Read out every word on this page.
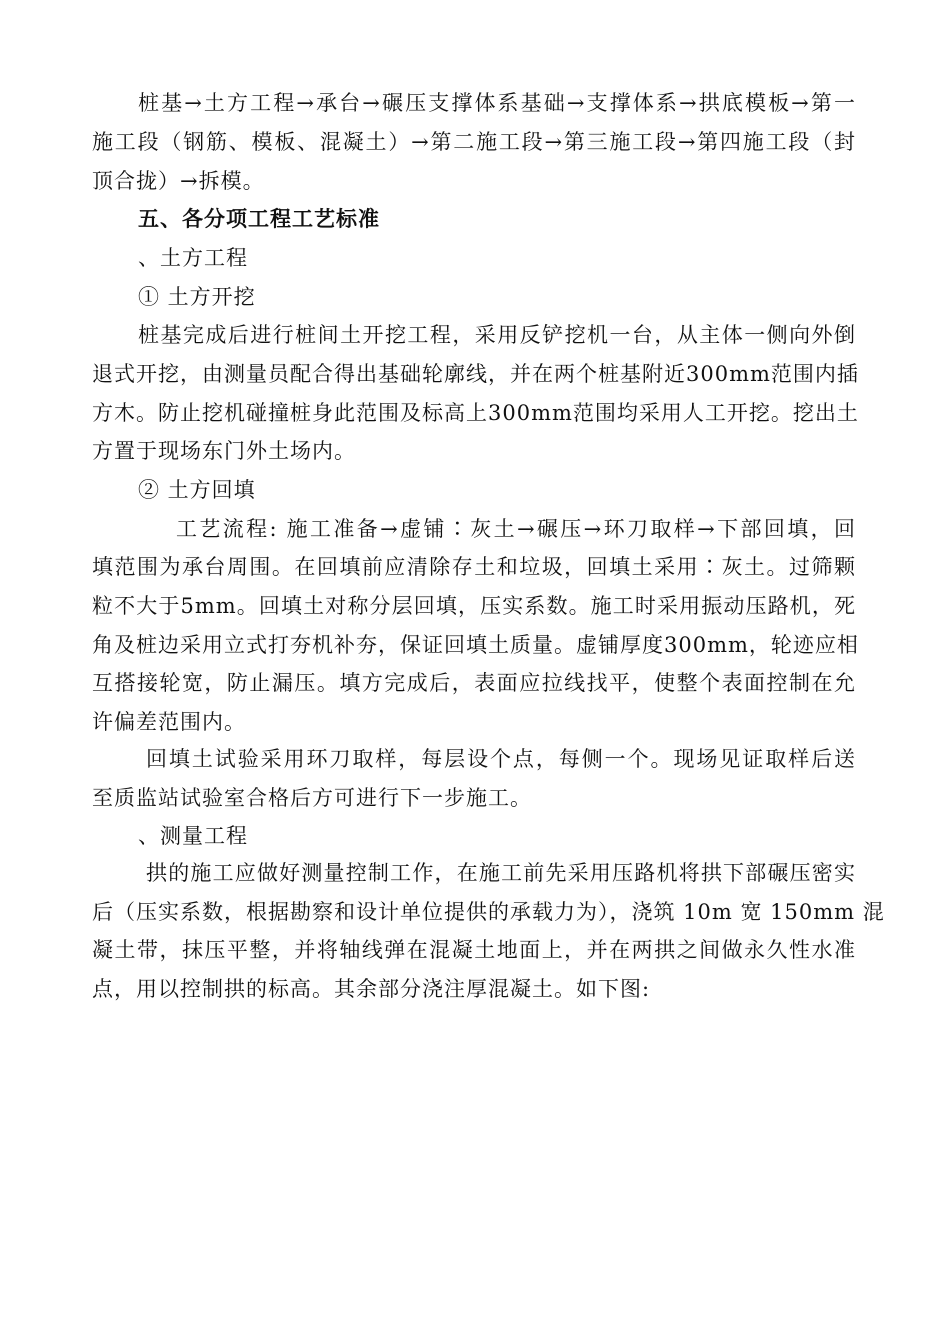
桩基→土方工程→承台→碾压支撑体系基础→支撑体系→拱底模板→第一
施工段（钢筋、模板、混凝土）→第二施工段→第三施工段→第四施工段（封
顶合拢）→拆模。
五、各分项工程工艺标准
、土方工程
① 土方开挖
桩基完成后进行桩间土开挖工程，采用反铲挖机一台，从主体一侧向外倒
退式开挖，由测量员配合得出基础轮廓线，并在两个桩基附近300mm范围内插
方木。防止挖机碰撞桩身此范围及标高上300mm范围均采用人工开挖。挖出土
方置于现场东门外土场内。
② 土方回填
工艺流程: 施工准备→虚铺∶灰土→碾压→环刀取样→下部回填，回
填范围为承台周围。在回填前应清除存土和垃圾，回填土采用∶灰土。过筛颗
粒不大于5mm。回填土对称分层回填，压实系数。施工时采用振动压路机，死
角及桩边采用立式打夯机补夯，保证回填土质量。虚铺厚度300mm，轮迹应相
互搭接轮宽，防止漏压。填方完成后，表面应拉线找平，使整个表面控制在允
许偏差范围内。
回填土试验采用环刀取样，每层设个点，每侧一个。现场见证取样后送
至质监站试验室合格后方可进行下一步施工。
、测量工程
拱的施工应做好测量控制工作，在施工前先采用压路机将拱下部碾压密实
后（压实系数，根据勘察和设计单位提供的承载力为），浇筑 10m 宽 150mm 混
凝土带，抹压平整，并将轴线弹在混凝土地面上，并在两拱之间做永久性水准
点，用以控制拱的标高。其余部分浇注厚混凝土。如下图:
